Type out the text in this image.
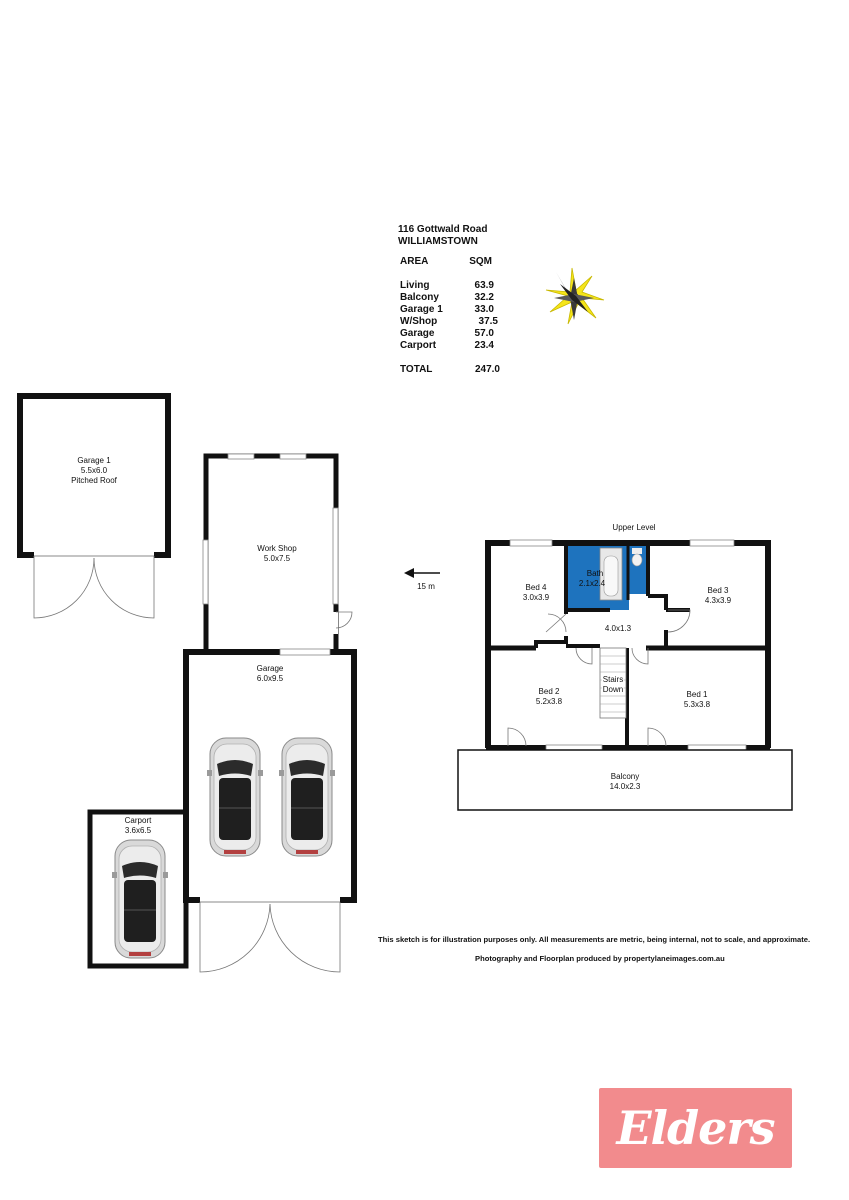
116 Gottwald Road
WILLIAMSTOWN
AREA	SQM
Living	63.9
Balcony	32.2
Garage 1	33.0
W/Shop	37.5
Garage	57.0
Carport	23.4
TOTAL	247.0
Garage 1
5.5x6.0
Pitched Roof
Work Shop
5.0x7.5
Garage
6.0x9.5
Carport
3.6x6.5
15 m
Upper Level
Bed 4
3.0x3.9
Bath
2.1x2.4
Bed 3
4.3x3.9
4.0x1.3
Bed 2
5.2x3.8
Stairs
Down
Bed 1
5.3x3.8
Balcony
14.0x2.3
This sketch is for illustration purposes only. All measurements are metric, being internal, not to scale, and approximate.
Photography and Floorplan produced by propertylaneimages.com.au
Elders
